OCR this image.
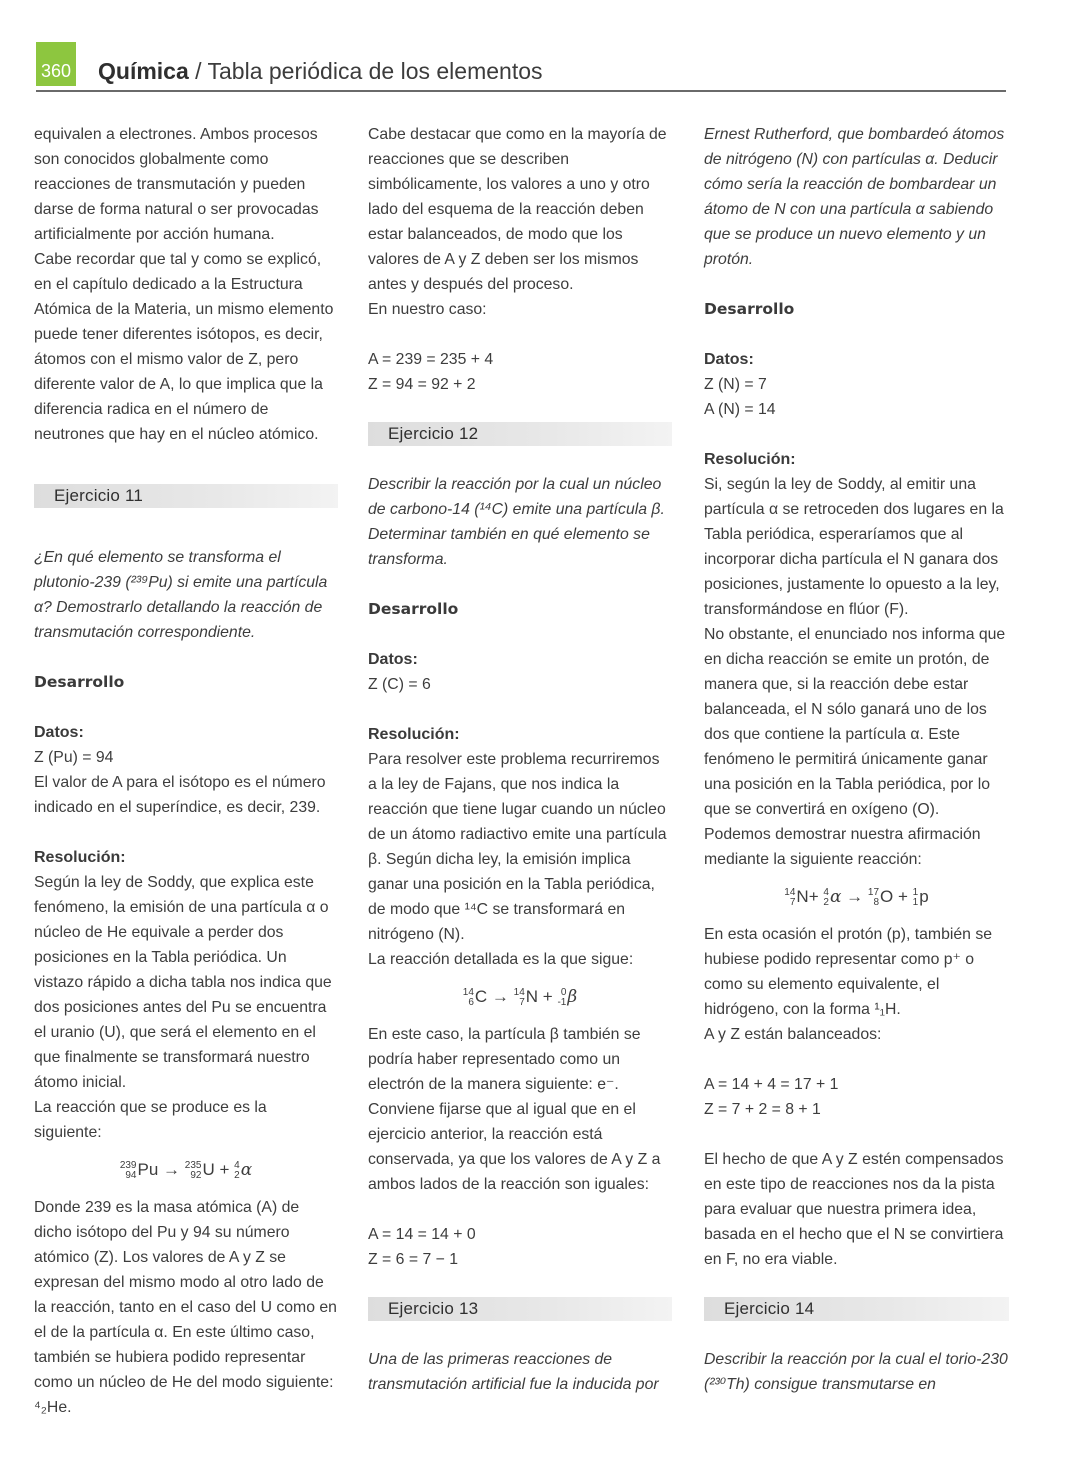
360 Química / Tabla periódica de los elementos

equivalen a electrones. Ambos procesos son conocidos globalmente como reacciones de transmutación y pueden darse de forma natural o ser provocadas artificialmente por acción humana.

Cabe recordar que tal y como se explicó, en el capítulo dedicado a la Estructura Atómica de la Materia, un mismo elemento puede tener diferentes isótopos, es decir, átomos con el mismo valor de Z, pero diferente valor de A, lo que implica que la diferencia radica en el número de neutrones que hay en el núcleo atómico.

Ejercicio 11

¿En qué elemento se transforma el plutonio-239 (²³⁹Pu) si emite una partícula α? Demostrarlo detallando la reacción de transmutación correspondiente.

Desarrollo

Datos:

Z (Pu) = 94

El valor de A para el isótopo es el número indicado en el superíndice, es decir, 239.

Resolución:

Según la ley de Soddy, que explica este fenómeno, la emisión de una partícula α o núcleo de He equivale a perder dos posiciones en la Tabla periódica. Un vistazo rápido a dicha tabla nos indica que dos posiciones antes del Pu se encuentra el uranio (U), que será el elemento en el que finalmente se transformará nuestro átomo inicial.

La reacción que se produce es la siguiente:

239
94 Pu → 235
92 U + 4
2 α

Donde 239 es la masa atómica (A) de dicho isótopo del Pu y 94 su número atómico (Z). Los valores de A y Z se expresan del mismo modo al otro lado de la reacción, tanto en el caso del U como en el de la partícula α. En este último caso, también se hubiera podido representar como un núcleo de He del modo siguiente: ⁴₂He.

Cabe destacar que como en la mayoría de reacciones que se describen simbólicamente, los valores a uno y otro lado del esquema de la reacción deben estar balanceados, de modo que los valores de A y Z deben ser los mismos antes y después del proceso.

En nuestro caso:

A = 239 = 235 + 4

Z = 94 = 92 + 2

Ejercicio 12

Describir la reacción por la cual un núcleo de carbono-14 (¹⁴C) emite una partícula β. Determinar también en qué elemento se transforma.

Desarrollo

Datos:

Z (C) = 6

Resolución:

Para resolver este problema recurriremos a la ley de Fajans, que nos indica la reacción que tiene lugar cuando un núcleo de un átomo radiactivo emite una partícula β. Según dicha ley, la emisión implica ganar una posición en la Tabla periódica, de modo que ¹⁴C se transformará en nitrógeno (N).

La reacción detallada es la que sigue:

14
6 C → 14
7 N + 0
-1 β

En este caso, la partícula β también se podría haber representado como un electrón de la manera siguiente: e⁻.

Conviene fijarse que al igual que en el ejercicio anterior, la reacción está conservada, ya que los valores de A y Z a ambos lados de la reacción son iguales:

A = 14 = 14 + 0

Z = 6 = 7 − 1

Ejercicio 13

Una de las primeras reacciones de transmutación artificial fue la inducida por

Ernest Rutherford, que bombardeó átomos de nitrógeno (N) con partículas α. Deducir cómo sería la reacción de bombardear un átomo de N con una partícula α sabiendo que se produce un nuevo elemento y un protón.

Desarrollo

Datos:

Z (N) = 7

A (N) = 14

Resolución:

Si, según la ley de Soddy, al emitir una partícula α se retroceden dos lugares en la Tabla periódica, esperaríamos que al incorporar dicha partícula el N ganara dos posiciones, justamente lo opuesto a la ley, transformándose en flúor (F).

No obstante, el enunciado nos informa que en dicha reacción se emite un protón, de manera que, si la reacción debe estar balanceada, el N sólo ganará uno de los dos que contiene la partícula α. Este fenómeno le permitirá únicamente ganar una posición en la Tabla periódica, por lo que se convertirá en oxígeno (O). Podemos demostrar nuestra afirmación mediante la siguiente reacción:

14
7 N+ 4
2 α → 17
8 O + 1
1 p

En esta ocasión el protón (p), también se hubiese podido representar como p⁺ o como su elemento equivalente, el hidrógeno, con la forma ¹₁H.

A y Z están balanceados:

A = 14 + 4 = 17 + 1

Z = 7 + 2 = 8 + 1

El hecho de que A y Z estén compensados en este tipo de reacciones nos da la pista para evaluar que nuestra primera idea, basada en el hecho que el N se convirtiera en F, no era viable.

Ejercicio 14

Describir la reacción por la cual el torio-230 (²³⁰Th) consigue transmutarse en
